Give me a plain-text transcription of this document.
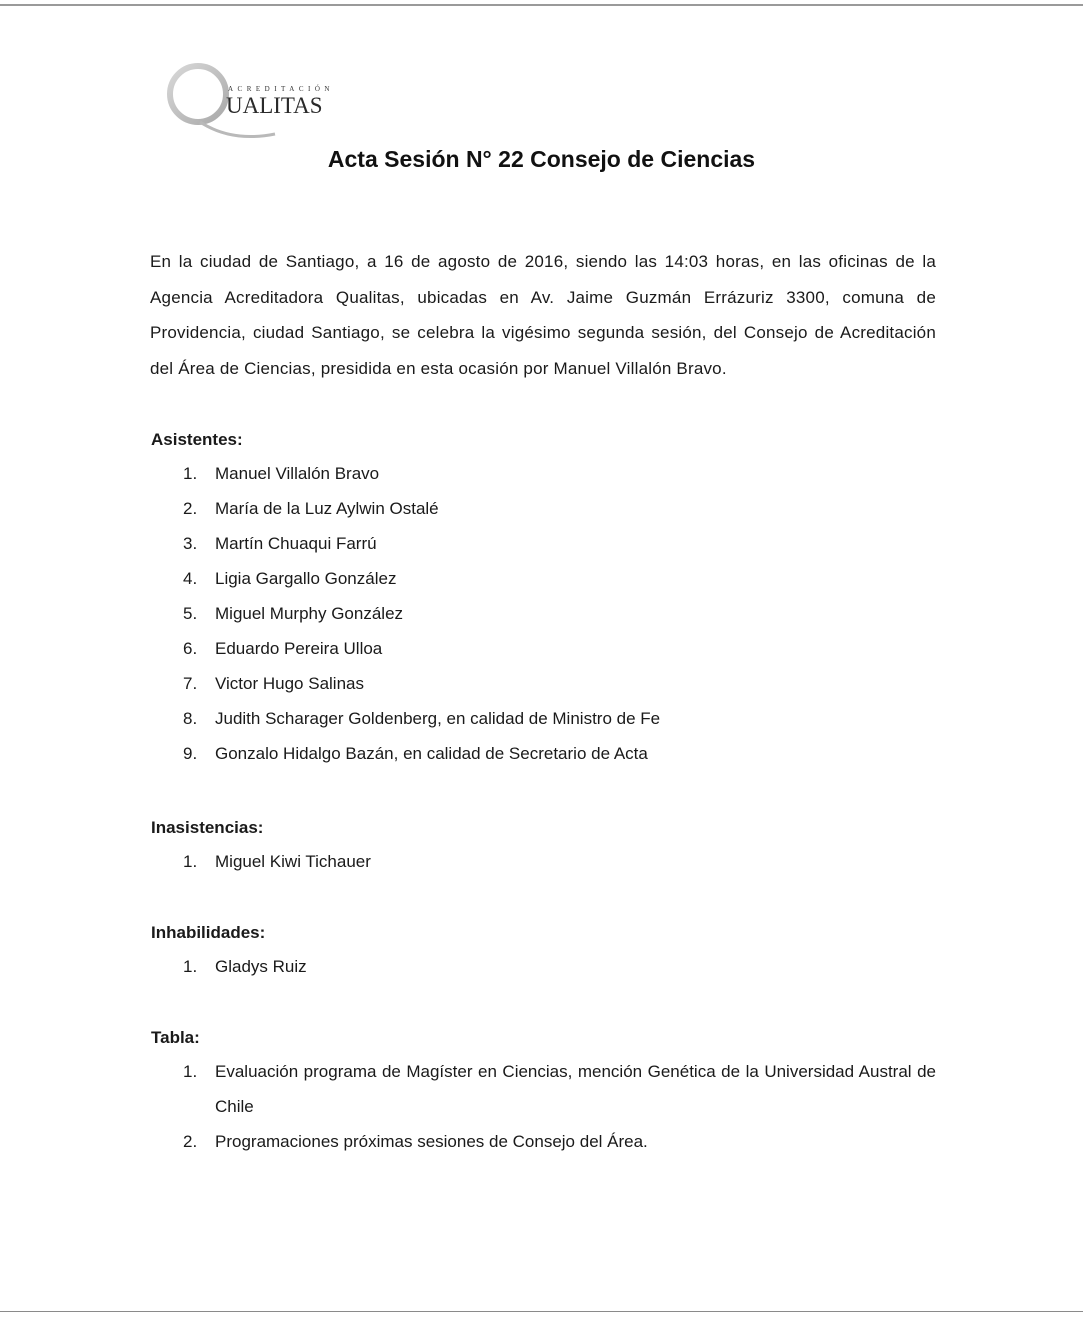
ACREDITACIÓN
UALITAS
Acta Sesión N° 22 Consejo de Ciencias

En la ciudad de Santiago, a 16 de agosto de 2016, siendo las 14:03 horas, en las oficinas de la Agencia Acreditadora Qualitas, ubicadas en Av. Jaime Guzmán Errázuriz 3300, comuna de Providencia, ciudad Santiago, se celebra la vigésimo segunda sesión, del Consejo de Acreditación del Área de Ciencias, presidida en esta ocasión por Manuel Villalón Bravo.

Asistentes:
1. Manuel Villalón Bravo
2. María de la Luz Aylwin Ostalé
3. Martín Chuaqui Farrú
4. Ligia Gargallo González
5. Miguel Murphy González
6. Eduardo Pereira Ulloa
7. Victor Hugo Salinas
8. Judith Scharager Goldenberg, en calidad de Ministro de Fe
9. Gonzalo Hidalgo Bazán, en calidad de Secretario de Acta
Inasistencias:
1. Miguel Kiwi Tichauer
Inhabilidades:
1. Gladys Ruiz
Tabla:
1. Evaluación programa de Magíster en Ciencias, mención Genética de la Universidad Austral de Chile
2. Programaciones próximas sesiones de Consejo del Área.
